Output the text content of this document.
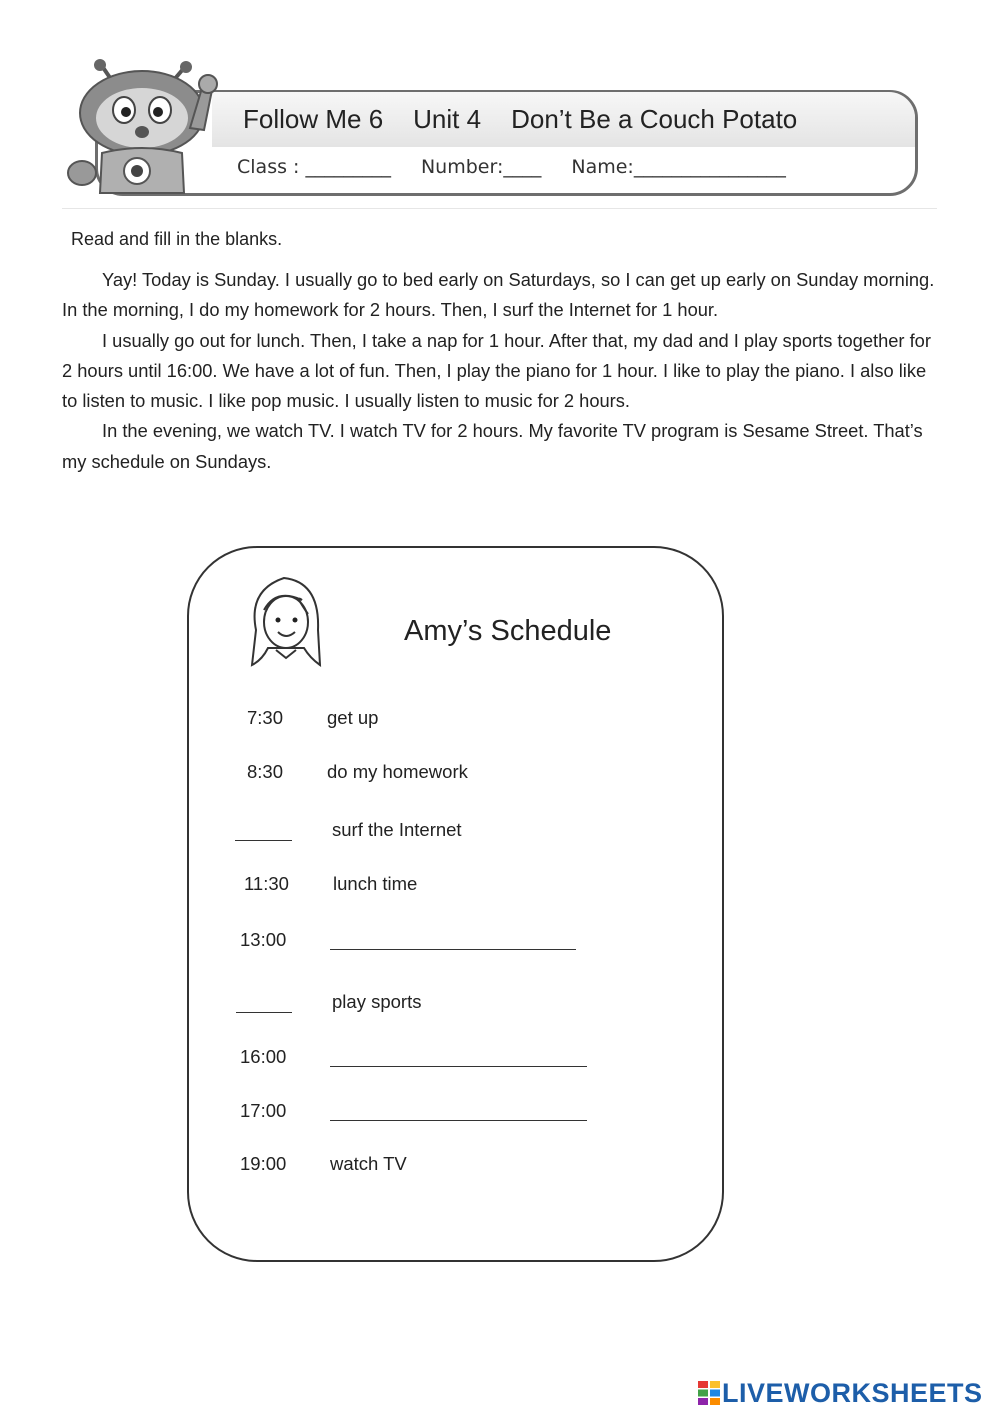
Follow Me 6 Unit 4 Don’t Be a Couch Potato
Class : _________ Number:____ Name:________________
Read and fill in the blanks.

Yay! Today is Sunday. I usually go to bed early on Saturdays, so I can get up early on Sunday morning. In the morning, I do my homework for 2 hours. Then, I surf the Internet for 1 hour.

I usually go out for lunch. Then, I take a nap for 1 hour. After that, my dad and I play sports together for 2 hours until 16:00. We have a lot of fun. Then, I play the piano for 1 hour. I like to play the piano. I also like to listen to music. I like pop music. I usually listen to music for 2 hours.

In the evening, we watch TV. I watch TV for 2 hours. My favorite TV program is Sesame Street. That’s my schedule on Sundays.

Amy’s Schedule
7:30 get up
8:30 do my homework
surf the Internet
11:30 lunch time
13:00
play sports
16:00
17:00
19:00 watch TV
LIVEWORKSHEETS
